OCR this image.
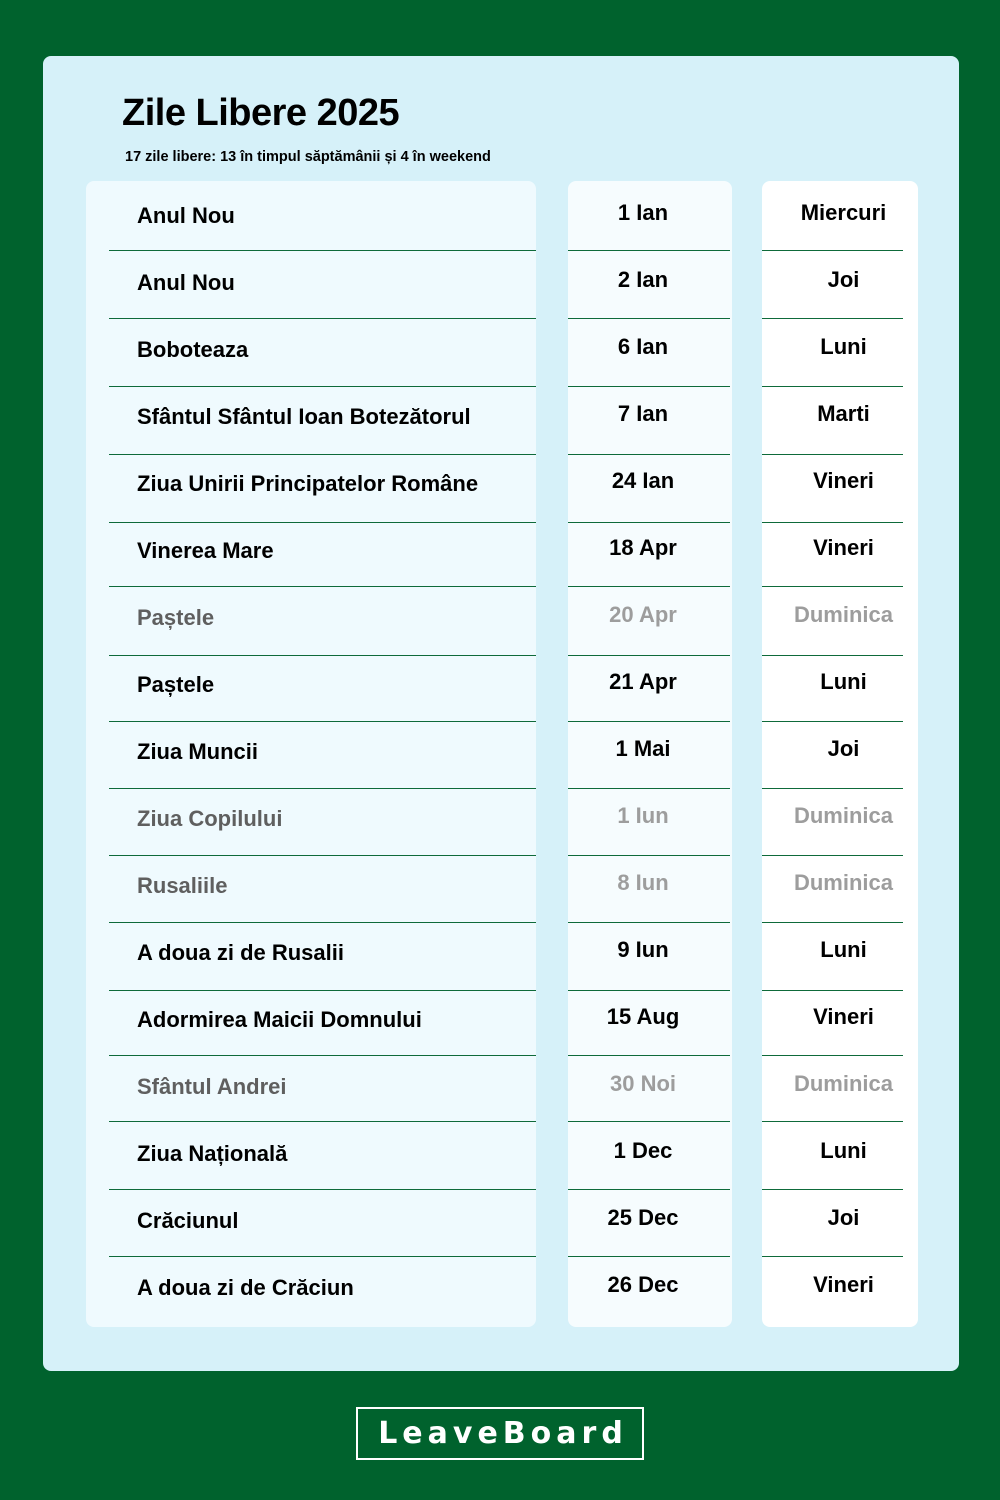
Zile Libere 2025

17 zile libere: 13 în timpul săptămânii și 4 în weekend

Anul Nou	1 Ian	Miercuri
Anul Nou	2 Ian	Joi
Boboteaza	6 Ian	Luni
Sfântul Sfântul Ioan Botezătorul	7 Ian	Marti
Ziua Unirii Principatelor Române	24 Ian	Vineri
Vinerea Mare	18 Apr	Vineri
Paștele	20 Apr	Duminica
Paștele	21 Apr	Luni
Ziua Muncii	1 Mai	Joi
Ziua Copilului	1 Iun	Duminica
Rusaliile	8 Iun	Duminica
A doua zi de Rusalii	9 Iun	Luni
Adormirea Maicii Domnului	15 Aug	Vineri
Sfântul Andrei	30 Noi	Duminica
Ziua Națională	1 Dec	Luni
Crăciunul	25 Dec	Joi
A doua zi de Crăciun	26 Dec	Vineri
LeaveBoard
